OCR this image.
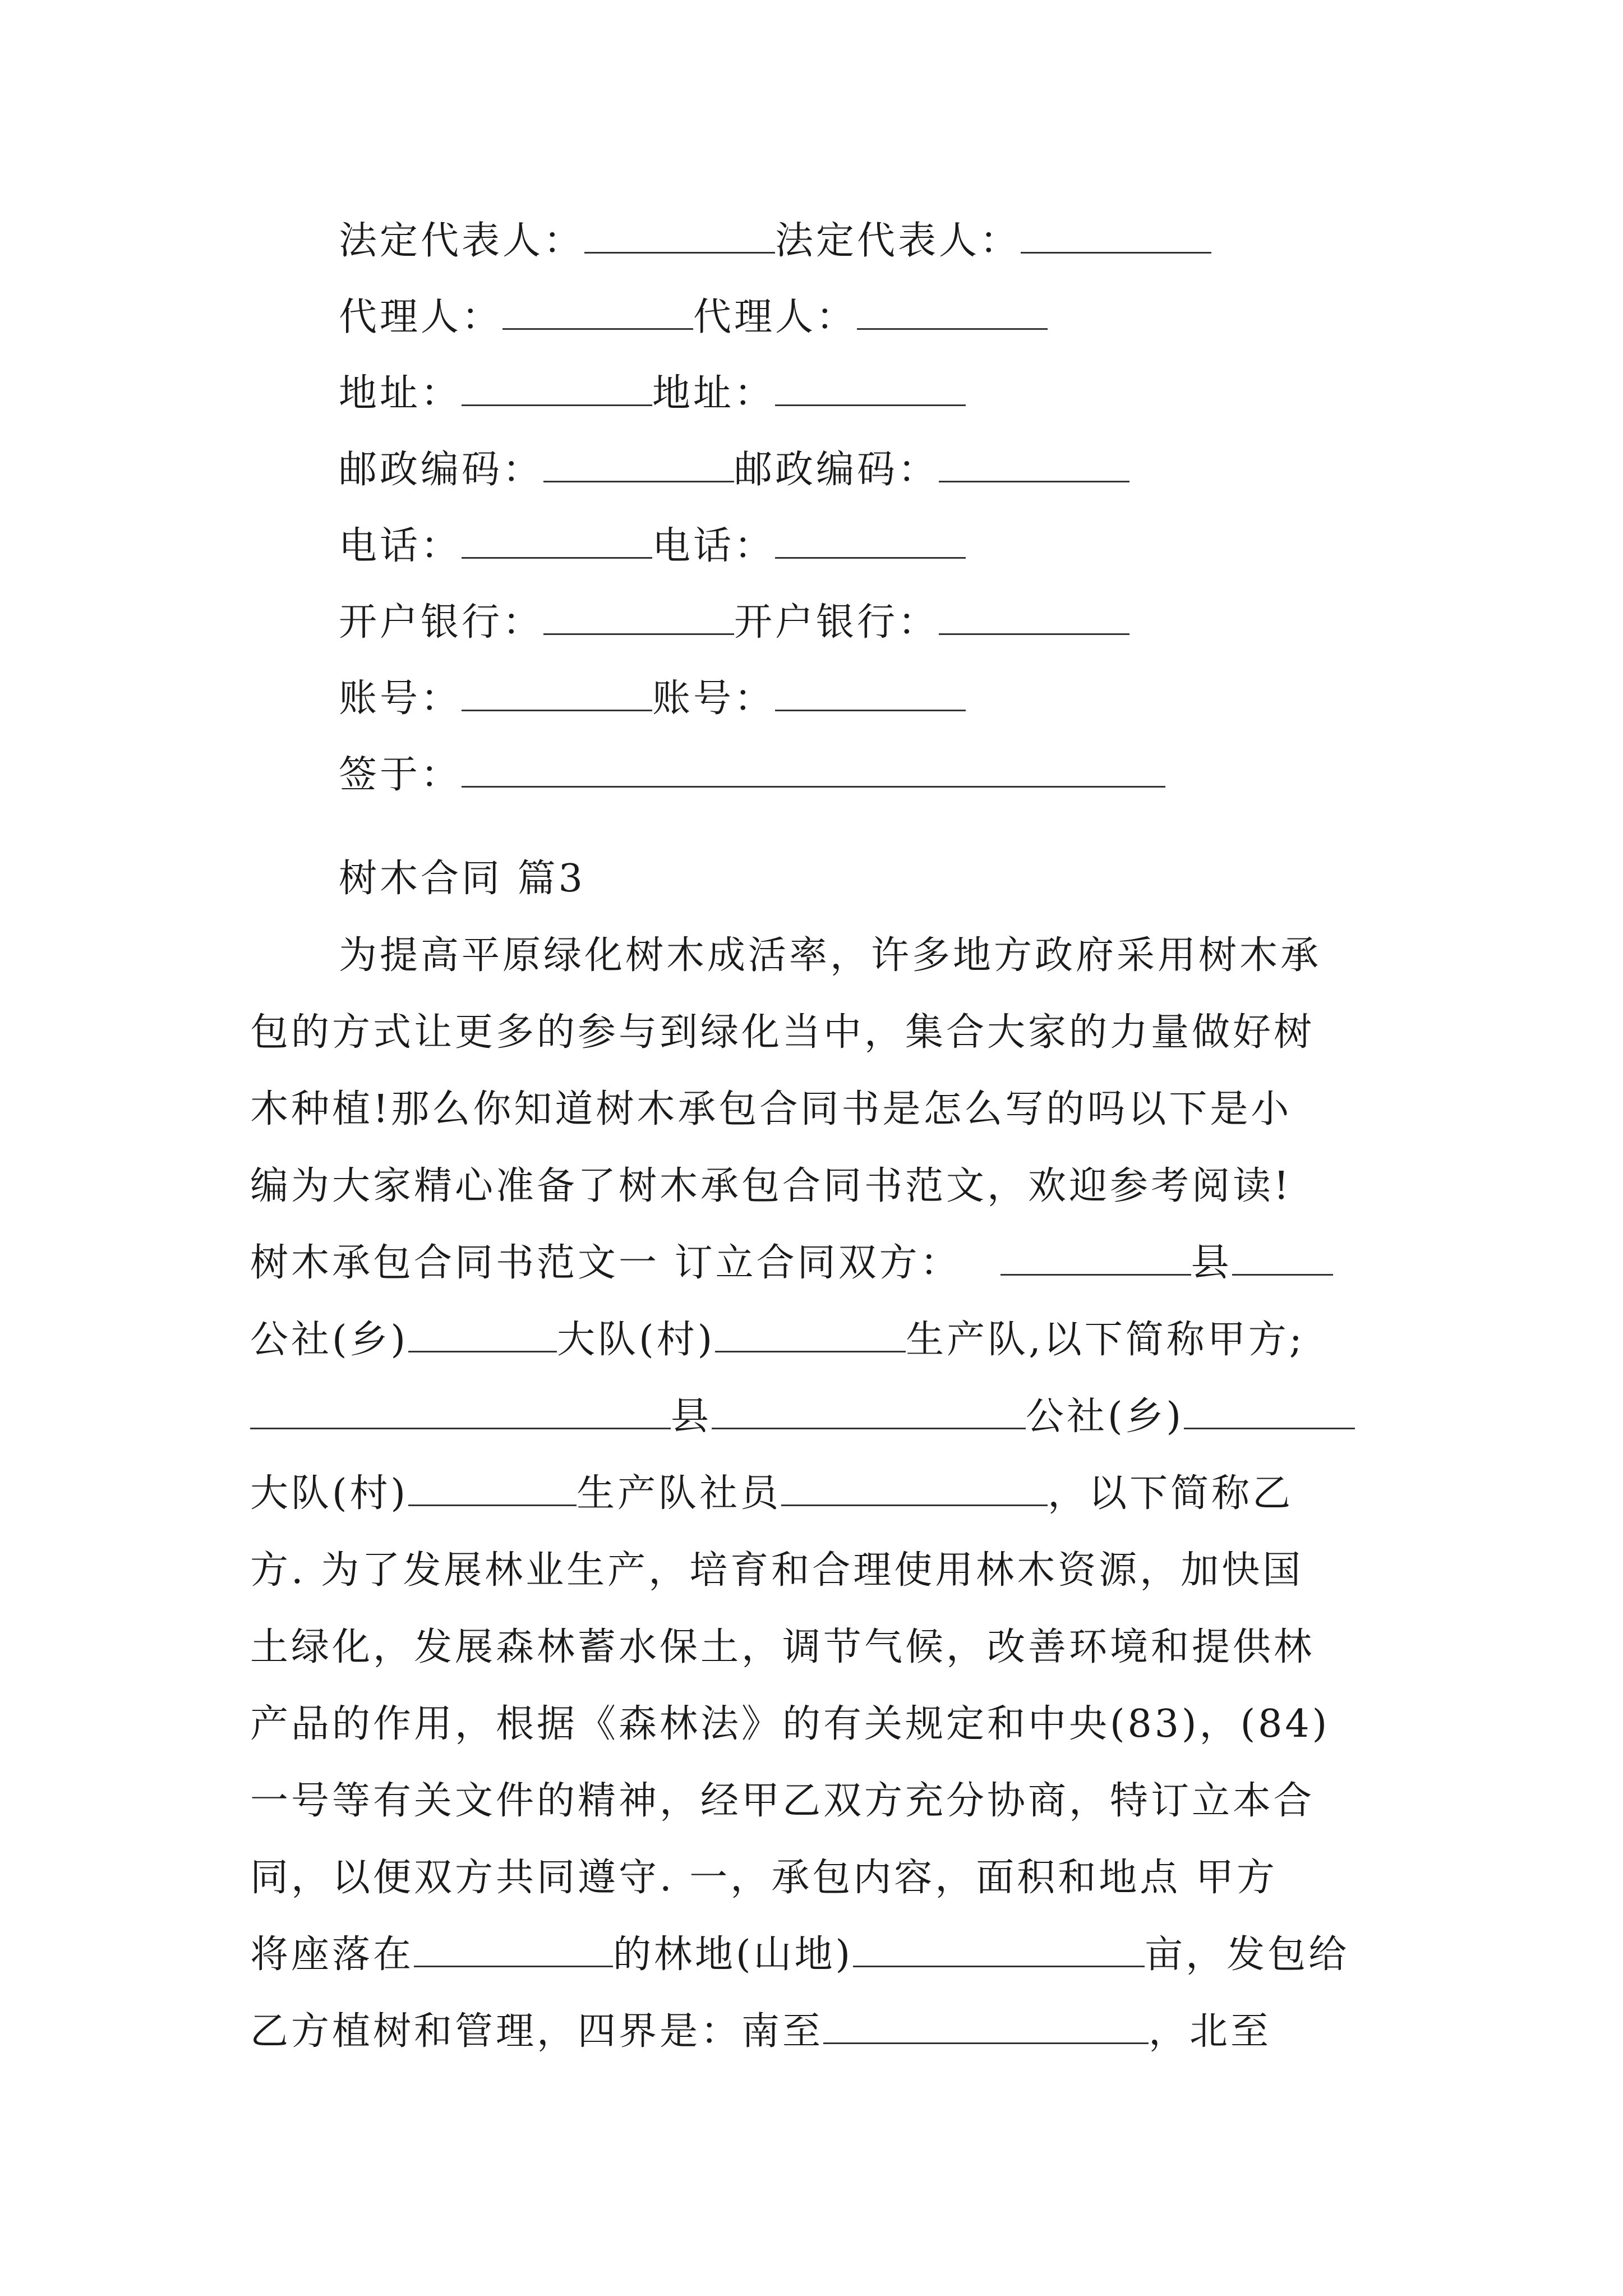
法定代表人：	法定代表人：
代理人：	代理人：
地址：	地址：
邮政编码：	邮政编码：
电话：	电话：
开户银行：	开户银行：
账号：	账号：
签于：
树木合同 篇3
为提高平原绿化树木成活率，许多地方政府采用树木承
包的方式让更多的参与到绿化当中，集合大家的力量做好树
木种植!那么你知道树木承包合同书是怎么写的吗以下是小
编为大家精心准备了树木承包合同书范文，欢迎参考阅读!
树木承包合同书范文一 订立合同双方：	县
公社(乡)	大队(村)	生产队,以下简称甲方;
县	公社(乡)
大队(村)	生产队社员	，以下简称乙
方. 为了发展林业生产，培育和合理使用林木资源，加快国
土绿化，发展森林蓄水保土，调节气候，改善环境和提供林
产品的作用，根据《森林法》的有关规定和中央(83)，(84)
一号等有关文件的精神，经甲乙双方充分协商，特订立本合
同，以便双方共同遵守. 一，承包内容，面积和地点 甲方
将座落在	的林地(山地)	亩，发包给
乙方植树和管理，四界是：南至	，北至
